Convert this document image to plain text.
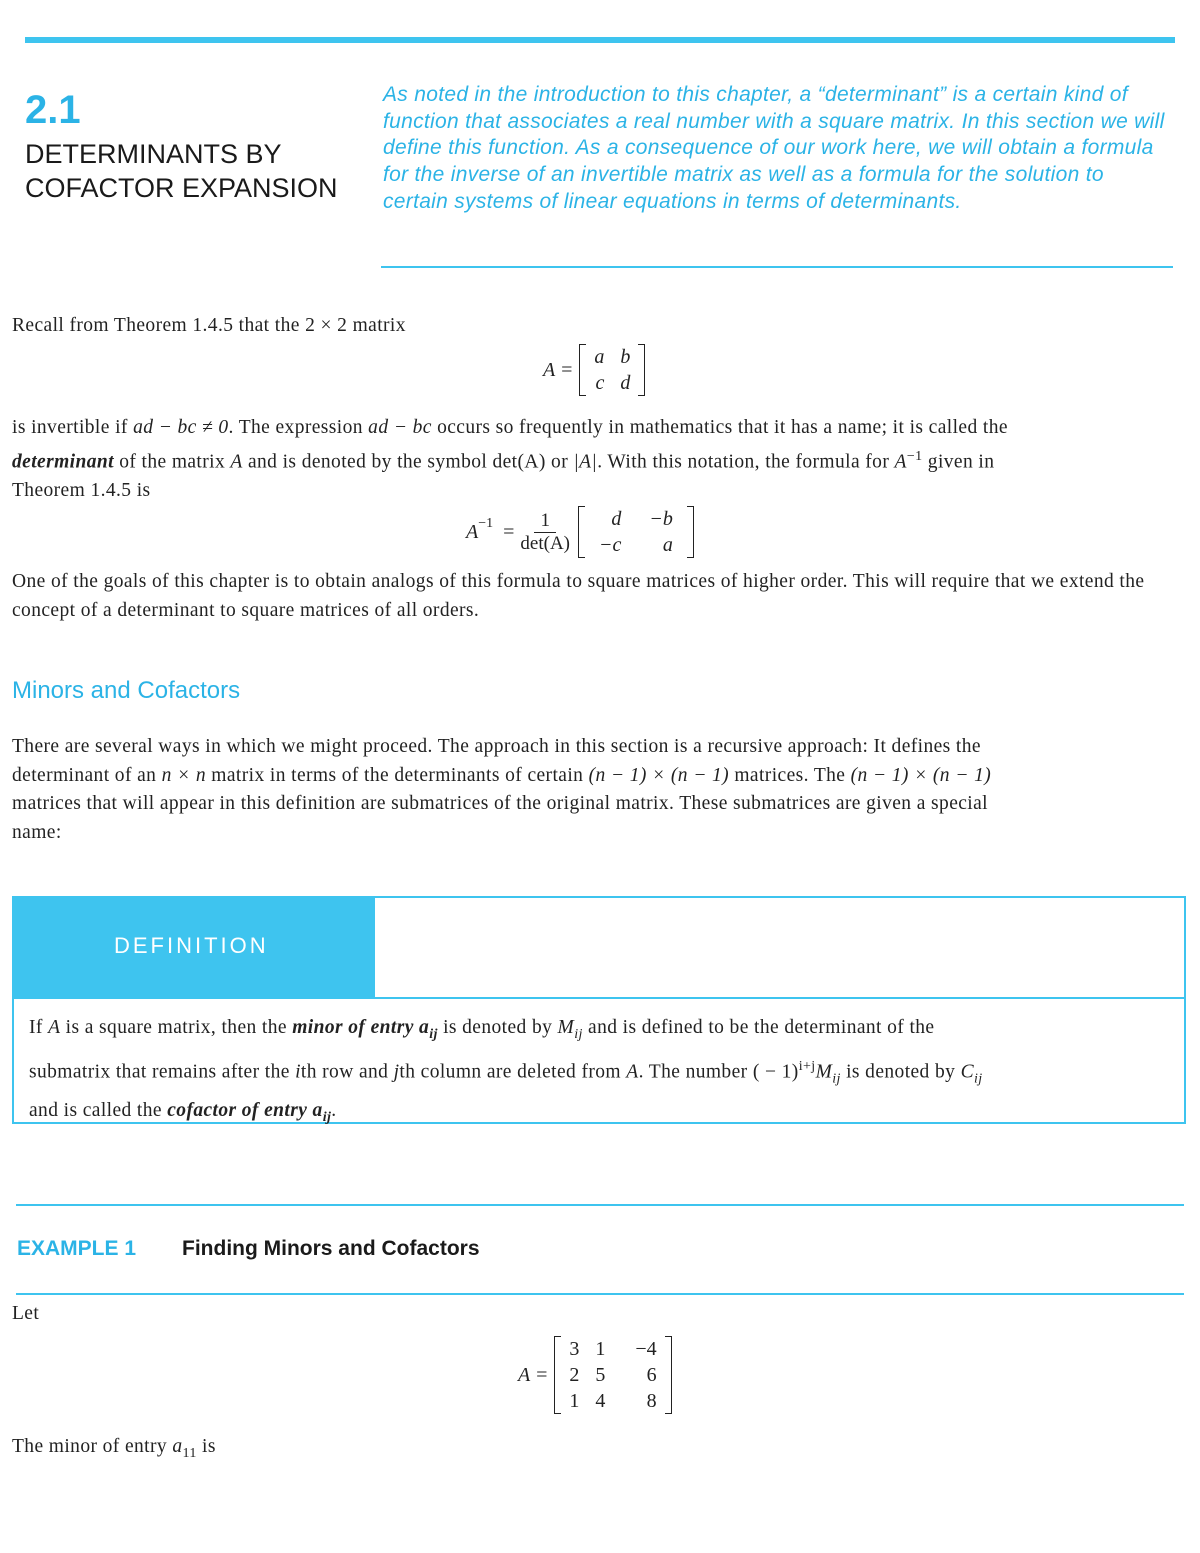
2.1
DETERMINANTS BY
COFACTOR EXPANSION
As noted in the introduction to this chapter, a “determinant” is a certain kind of function that associates a real number with a square matrix. In this section we will define this function. As a consequence of our work here, we will obtain a formula for the inverse of an invertible matrix as well as a formula for the solution to certain systems of linear equations in terms of determinants.
Recall from Theorem 1.4.5 that the 2 × 2 matrix
A =
a	b
c	d
is invertible if ad − bc ≠ 0. The expression ad − bc occurs so frequently in mathematics that it has a name; it is called the
determinant of the matrix A and is denoted by the symbol det(A) or |A|. With this notation, the formula for $A^{-1}$ given in
Theorem 1.4.5 is
$A^{-1} = \frac{1}{\det(A)}$ d	−b
−c	a
One of the goals of this chapter is to obtain analogs of this formula to square matrices of higher order. This will require that we extend the concept of a determinant to square matrices of all orders.
Minors and Cofactors
There are several ways in which we might proceed. The approach in this section is a recursive approach: It defines the
determinant of an n × n matrix in terms of the determinants of certain (n − 1) × (n − 1) matrices. The (n − 1) × (n − 1)
matrices that will appear in this definition are submatrices of the original matrix. These submatrices are given a special
name:
DEFINITION
If A is a square matrix, then the minor of entry $a_{ij}$ is denoted by $M_{ij}$ and is defined to be the determinant of the
submatrix that remains after the ith row and jth column are deleted from A. The number ( − $1)^{i+j}M_{ij}$ is denoted by $C_{ij}$
and is called the cofactor of entry $a_{ij}$.
EXAMPLE 1 Finding Minors and Cofactors
Let
A =
3	1	−4
2	5	6
1	4	8
The minor of entry $a_{11}$ is
